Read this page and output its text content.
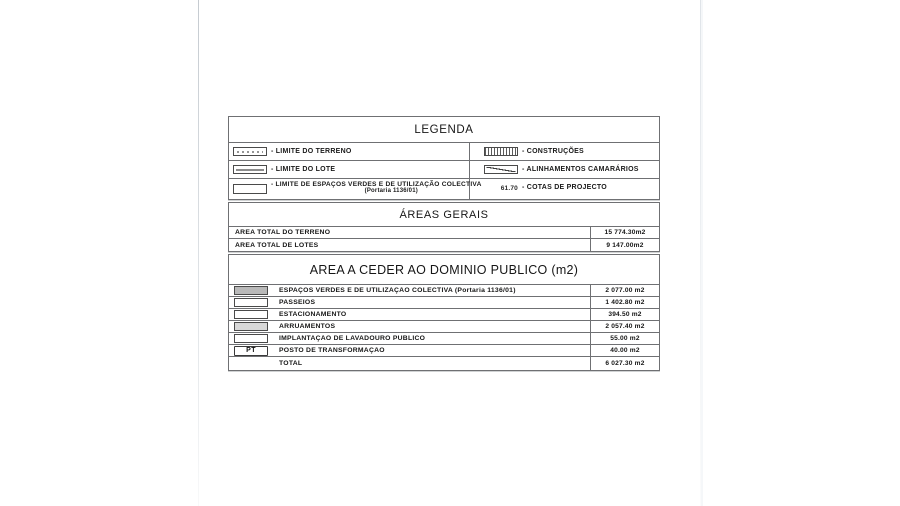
LEGENDA
- LIMITE DO TERRENO
- LIMITE DO LOTE
- LIMITE DE ESPAÇOS VERDES E DE UTILIZAÇÃO COLECTIVA
(Portaria 1136/01)
- CONSTRUÇÕES
- ALINHAMENTOS CAMARÁRIOS
61.70 - COTAS DE PROJECTO
ÁREAS GERAIS
ÁREA TOTAL DO TERRENO	15 774.30m2
ÁREA TOTAL DE LOTES	9 147.00m2
AREA A CEDER AO DOMINIO PUBLICO (m2)
ESPAÇOS VERDES E DE UTILIZAÇÃO COLECTIVA (Portaria 1136/01)	2 077.00 m2
PASSEIOS	1 402.80 m2
ESTACIONAMENTO	394.50 m2
ARRUAMENTOS	2 057.40 m2
IMPLANTAÇÃO DE LAVADOURO PUBLICO	55.00 m2
PT	POSTO DE TRANSFORMAÇÃO	40.00 m2
TOTAL	6 027.30 m2
